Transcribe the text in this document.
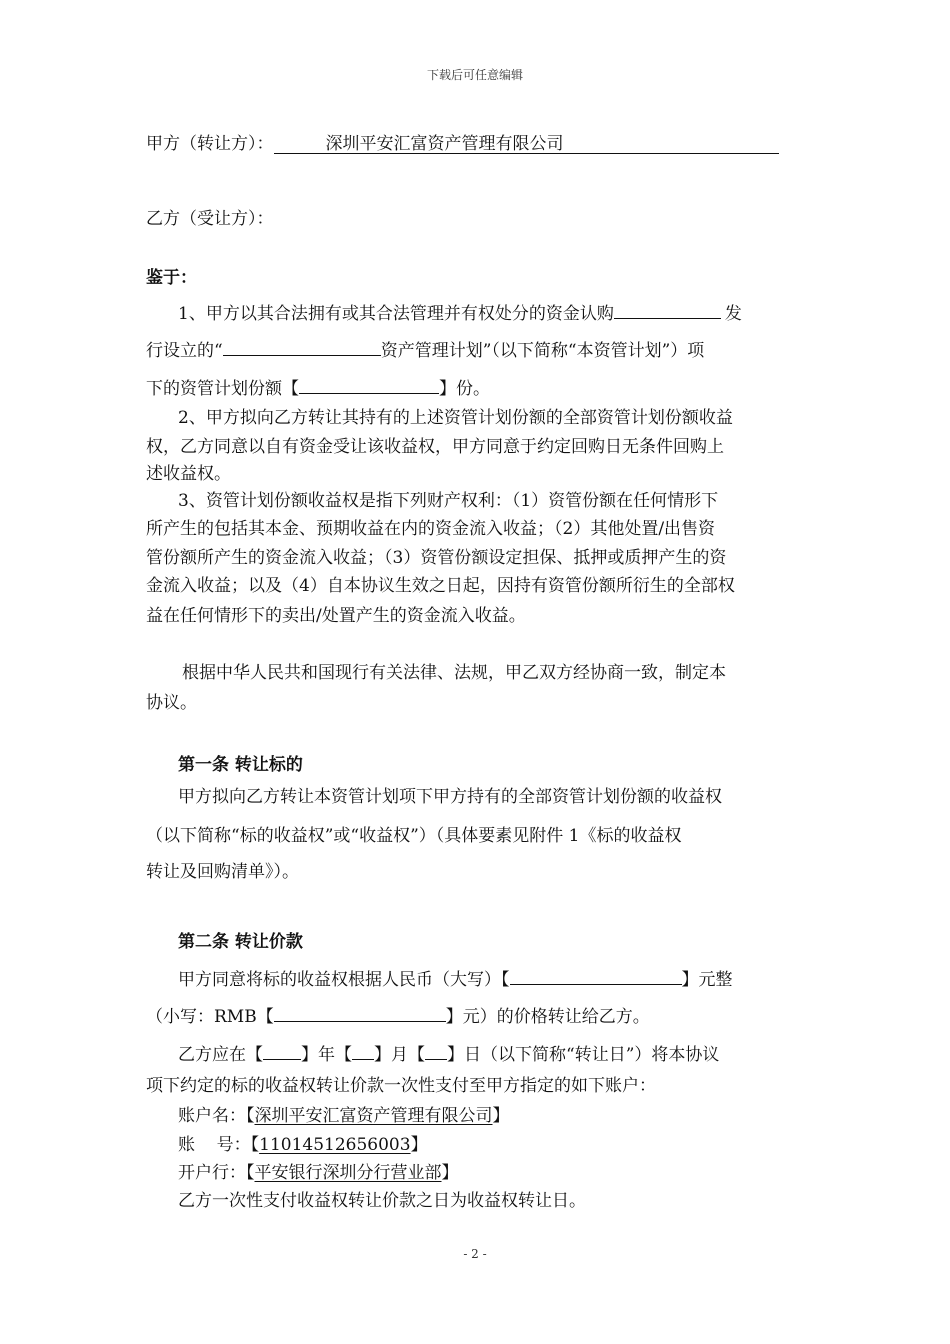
下载后可任意编辑
甲方（转让方）：	深圳平安汇富资产管理有限公司
乙方（受让方）：
鉴于：
1、甲方以其合法拥有或其合法管理并有权处分的资金认购	发
行设立的“	资产管理计划”（以下简称“本资管计划”）项
下的资管计划份额【	】份。
2、甲方拟向乙方转让其持有的上述资管计划份额的全部资管计划份额收益
权，乙方同意以自有资金受让该收益权，甲方同意于约定回购日无条件回购上
述收益权。
3、资管计划份额收益权是指下列财产权利：（1）资管份额在任何情形下
所产生的包括其本金、预期收益在内的资金流入收益；（2）其他处置/出售资
管份额所产生的资金流入收益；（3）资管份额设定担保、抵押或质押产生的资
金流入收益；以及（4）自本协议生效之日起，因持有资管份额所衍生的全部权
益在任何情形下的卖出/处置产生的资金流入收益。
根据中华人民共和国现行有关法律、法规，甲乙双方经协商一致，制定本
协议。
第一条 转让标的
甲方拟向乙方转让本资管计划项下甲方持有的全部资管计划份额的收益权
（以下简称“标的收益权”或“收益权”）（具体要素见附件 1《标的收益权
转让及回购清单》）。
第二条 转让价款
甲方同意将标的收益权根据人民币（大写）【	】元整
（小写：RMB【	】元）的价格转让给乙方。
乙方应在【 】年【 】月【 】日（以下简称“转让日”）将本协议
项下约定的标的收益权转让价款一次性支付至甲方指定的如下账户：
账户名：【深圳平安汇富资产管理有限公司】
账    号：【11014512656003】
开户行：【平安银行深圳分行营业部】
乙方一次性支付收益权转让价款之日为收益权转让日。
- 2 -
